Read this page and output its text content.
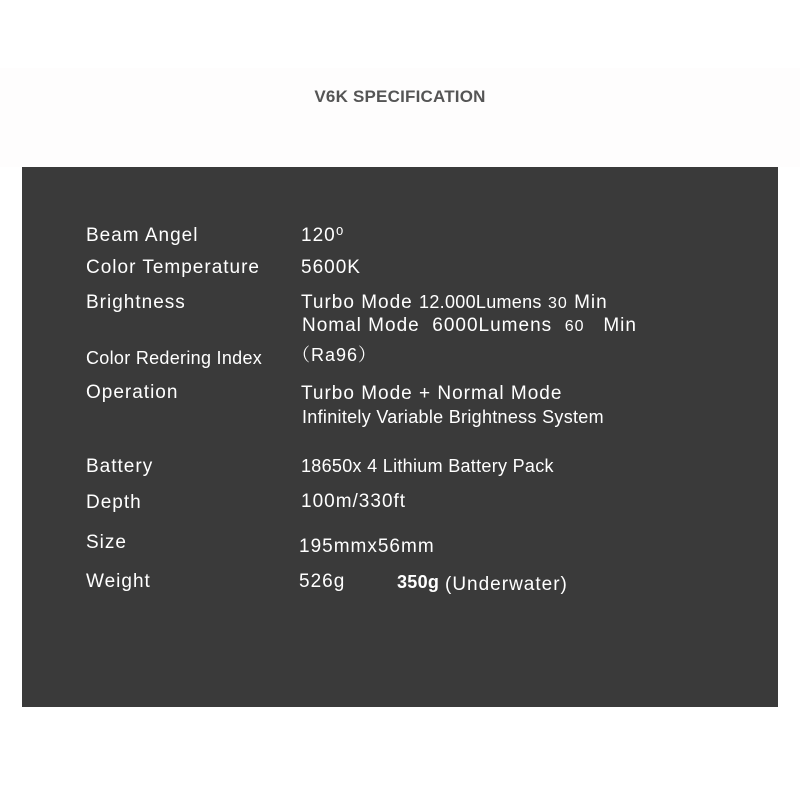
V6K SPECIFICATION
Beam Angel	120⁰
Color Temperature 5600K
Brightness	Turbo Mode 12.000Lumens 30 Min
Nomal Mode 6000Lumens 60 Min
Color Redering Index （Ra96）
Operation	Turbo Mode + Normal Mode
Infinitely Variable Brightness System
Battery	18650x 4 Lithium Battery Pack
Depth	100m/330ft
Size	195mmx56mm
Weight	526g	350g (Underwater)
